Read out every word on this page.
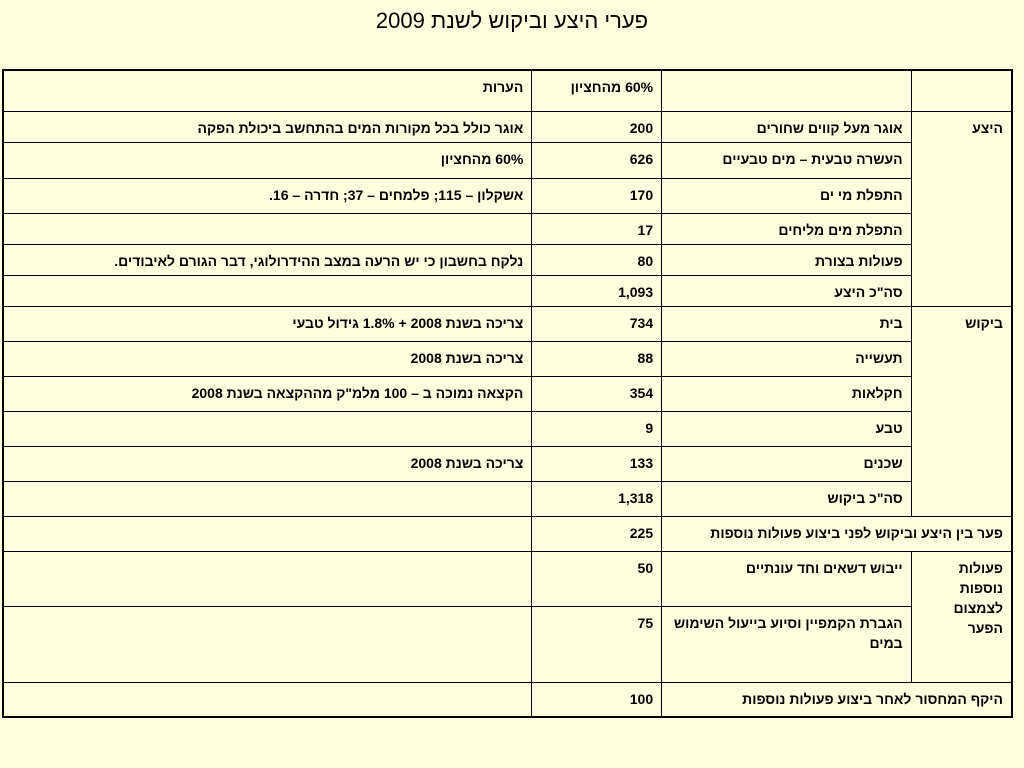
פערי היצע וביקוש לשנת 2009
		60% מהחציון	הערות
היצע	אוגר מעל קווים שחורים	200	אוגר כולל בכל מקורות המים בהתחשב ביכולת הפקה
	העשרה טבעית – מים טבעיים	626	60% מהחציון
	התפלת מי ים	170	אשקלון – 115; פלמחים – 37; חדרה – 16.
	התפלת מים מליחים	17	
	פעולות בצורת	80	נלקח בחשבון כי יש הרעה במצב ההידרולוגי, דבר הגורם לאיבודים.
	סה"כ היצע	1,093	
ביקוש	בית	734	צריכה בשנת 2008 + 1.8% גידול טבעי
	תעשייה	88	צריכה בשנת 2008
	חקלאות	354	הקצאה נמוכה ב – 100 מלמ"ק מההקצאה בשנת 2008
	טבע	9	
	שכנים	133	צריכה בשנת 2008
	סה"כ ביקוש	1,318	
פער בין היצע וביקוש לפני ביצוע פעולות נוספות		225	
פעולות נוספות לצמצום הפער	ייבוש דשאים וחד עונתיים	50	
	הגברת הקמפיין וסיוע בייעול השימוש במים	75	
היקף המחסור לאחר ביצוע פעולות נוספות		100	
